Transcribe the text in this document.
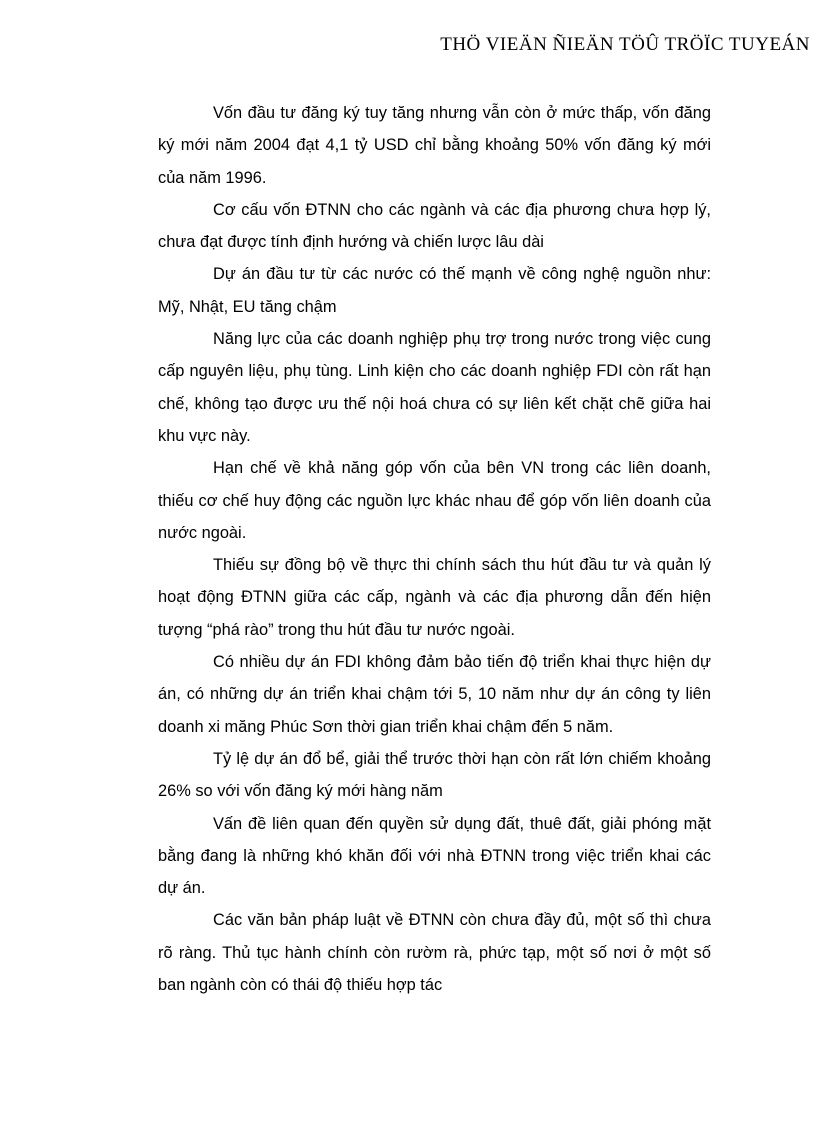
THÖ VIEÄN ÑIEÄN TÖÛ TRÖÏC TUYEÁN

Vốn đầu tư đăng ký tuy tăng nhưng vẫn còn ở mức thấp, vốn đăng ký mới năm 2004 đạt 4,1 tỷ USD chỉ bằng khoảng 50% vốn đăng ký mới của năm 1996.

Cơ cấu vốn ĐTNN cho các ngành và các địa phương chưa hợp lý, chưa đạt được tính định hướng và chiến lược lâu dài

Dự án đầu tư từ các nước có thế mạnh về công nghệ nguồn như: Mỹ, Nhật, EU tăng chậm

Năng lực của các doanh nghiệp phụ trợ trong nước trong việc cung cấp nguyên liệu, phụ tùng. Linh kiện cho các doanh nghiệp FDI còn rất hạn chế, không tạo được ưu thế nội hoá chưa có sự liên kết chặt chẽ giữa hai khu vực này.

Hạn chế về khả năng góp vốn của bên VN trong các liên doanh, thiếu cơ chế huy động các nguồn lực khác nhau để góp vốn liên doanh của nước ngoài.

Thiếu sự đồng bộ về thực thi chính sách thu hút đầu tư và quản lý hoạt động ĐTNN giữa các cấp, ngành và các địa phương dẫn đến hiện tượng “phá rào” trong thu hút đầu tư nước ngoài.

Có nhiều dự án FDI không đảm bảo tiến độ triển khai thực hiện dự án, có những dự án triển khai chậm tới 5, 10 năm như dự án công ty liên doanh xi măng Phúc Sơn thời gian triển khai chậm đến 5 năm.

Tỷ lệ dự án đổ bể, giải thể trước thời hạn còn rất lớn chiếm khoảng 26% so với vốn đăng ký mới hàng năm

Vấn đề liên quan đến quyền sử dụng đất, thuê đất, giải phóng mặt bằng đang là những khó khăn đối với nhà ĐTNN trong việc triển khai các dự án.

Các văn bản pháp luật về ĐTNN còn chưa đầy đủ, một số thì chưa rõ ràng. Thủ tục hành chính còn rườm rà, phức tạp, một số nơi ở một số ban ngành còn có thái độ thiếu hợp tác
